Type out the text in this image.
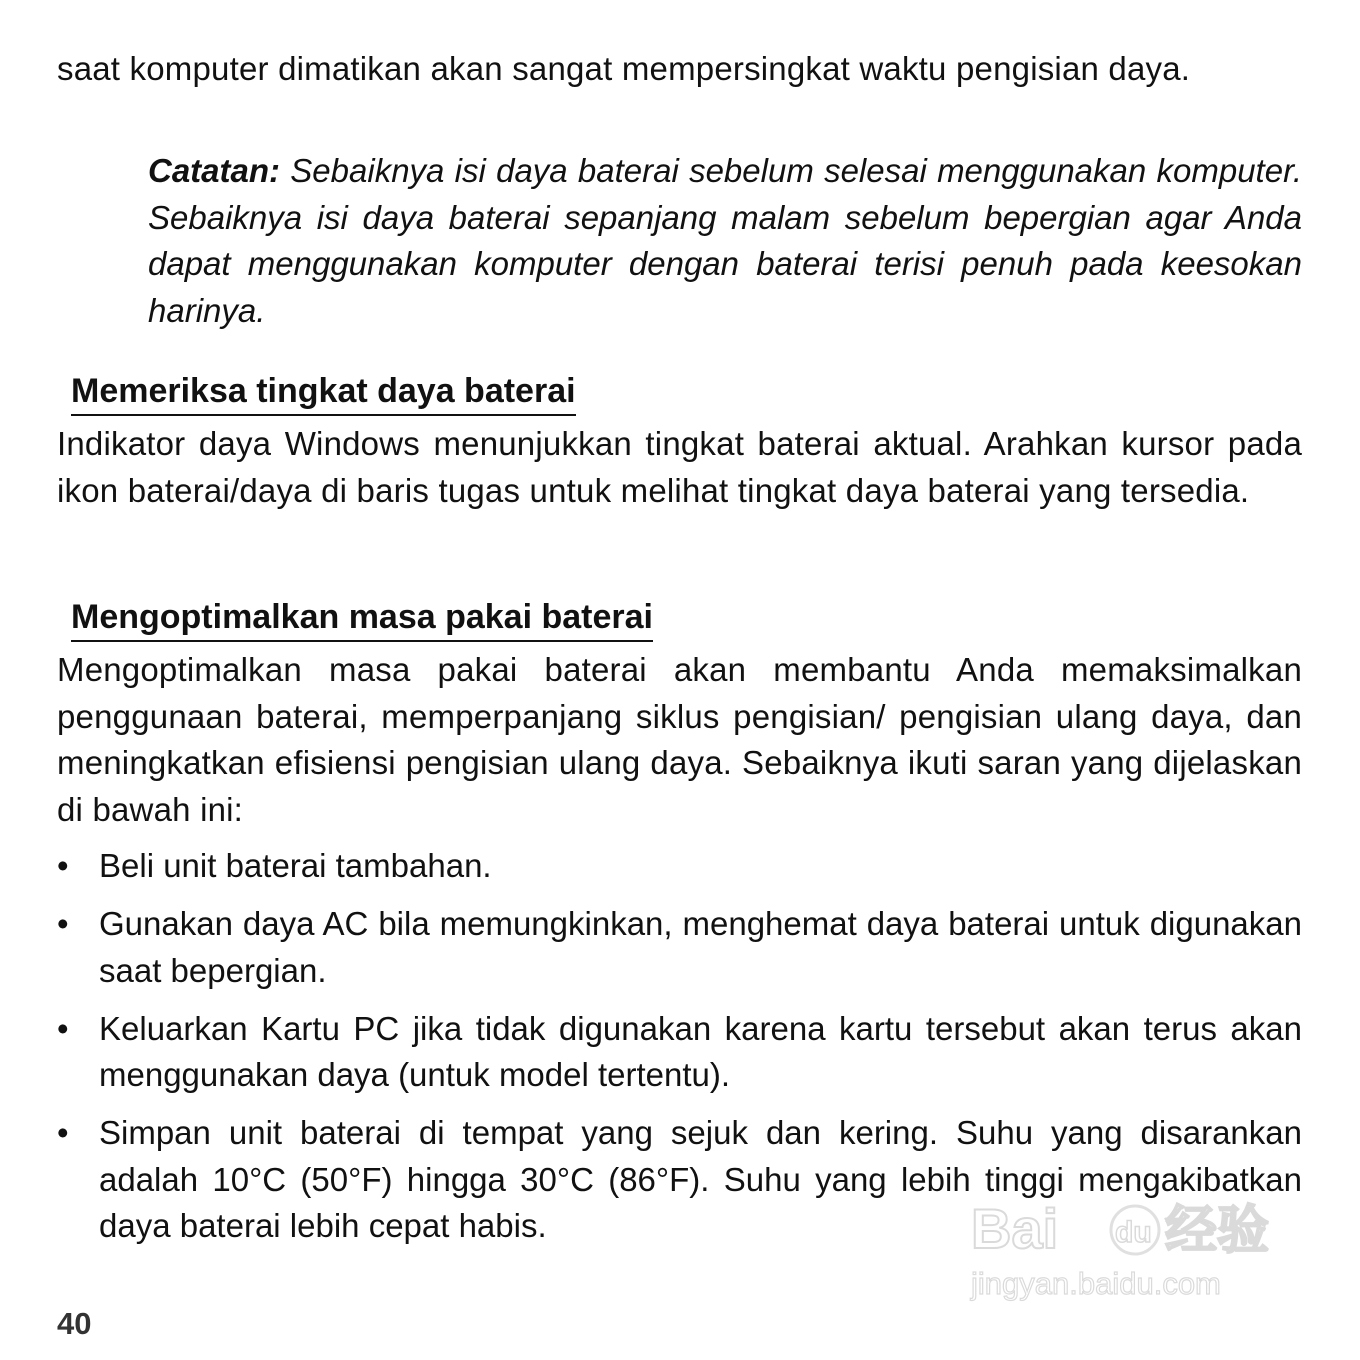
saat komputer dimatikan akan sangat mempersingkat waktu pengisian daya.

Catatan: Sebaiknya isi daya baterai sebelum selesai menggunakan komputer. Sebaiknya isi daya baterai sepanjang malam sebelum bepergian agar Anda dapat menggunakan komputer dengan baterai terisi penuh pada keesokan harinya.

Memeriksa tingkat daya baterai

Indikator daya Windows menunjukkan tingkat baterai aktual. Arahkan kursor pada ikon baterai/daya di baris tugas untuk melihat tingkat daya baterai yang tersedia.

Mengoptimalkan masa pakai baterai

Mengoptimalkan masa pakai baterai akan membantu Anda memaksimalkan penggunaan baterai, memperpanjang siklus pengisian/ pengisian ulang daya, dan meningkatkan efisiensi pengisian ulang daya. Sebaiknya ikuti saran yang dijelaskan di bawah ini:

• Beli unit baterai tambahan.
• Gunakan daya AC bila memungkinkan, menghemat daya baterai untuk digunakan saat bepergian.
• Keluarkan Kartu PC jika tidak digunakan karena kartu tersebut akan terus akan menggunakan daya (untuk model tertentu).
• Simpan unit baterai di tempat yang sejuk dan kering. Suhu yang disarankan adalah 10°C (50°F) hingga 30°C (86°F). Suhu yang lebih tinggi mengakibatkan daya baterai lebih cepat habis.

40

Bai du 经验
jingyan.baidu.com
